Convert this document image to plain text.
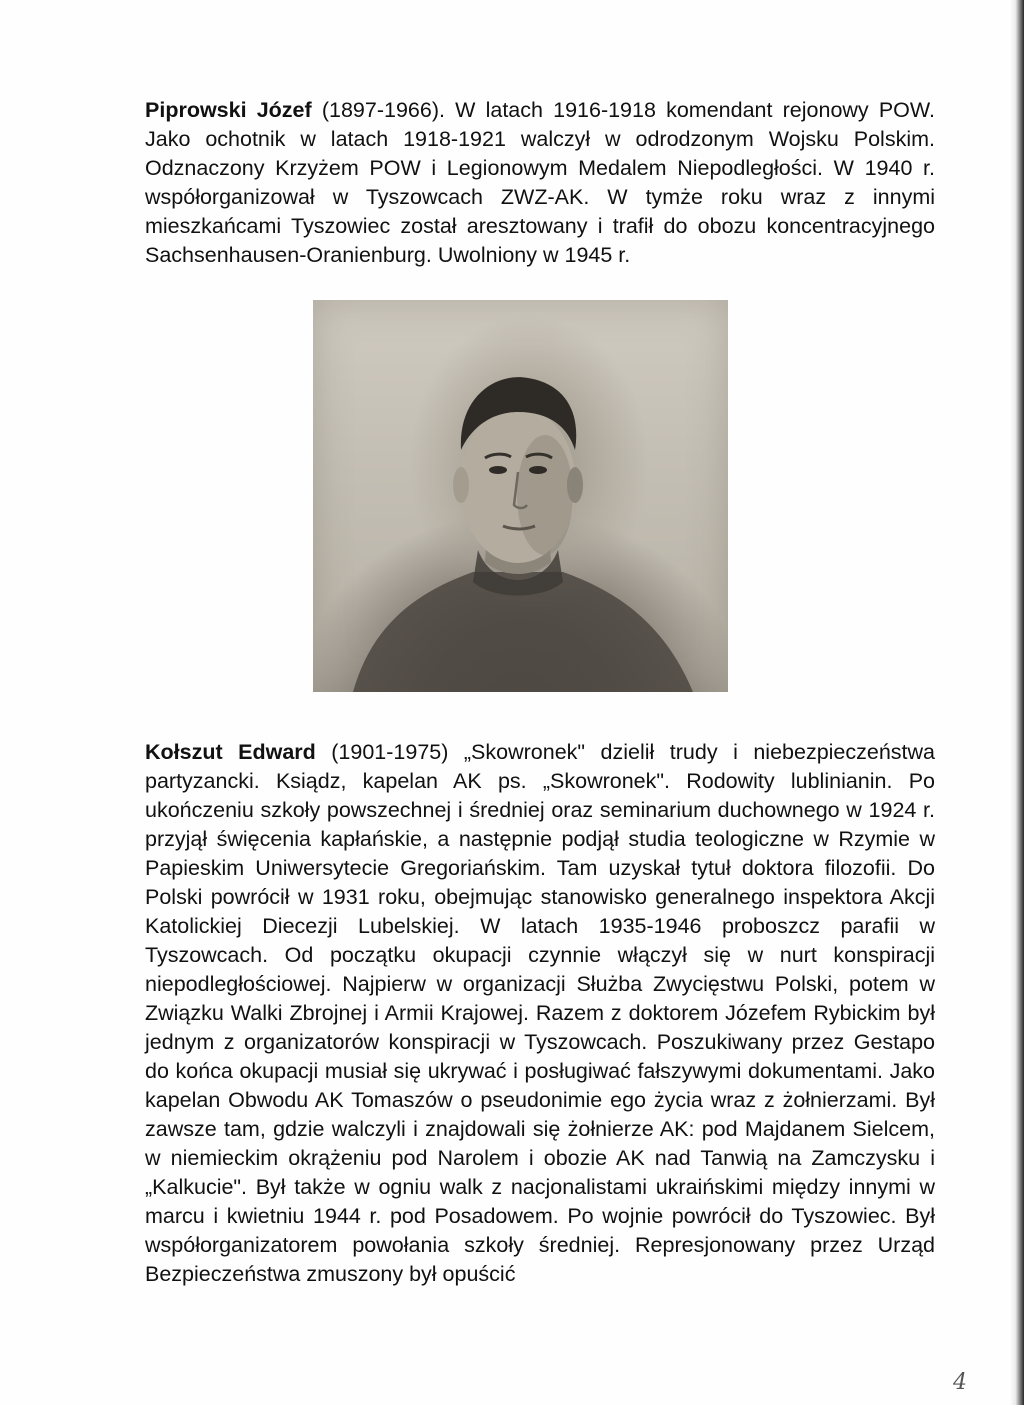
Piprowski Józef (1897-1966). W latach 1916-1918 komendant rejonowy POW. Jako ochotnik w latach 1918-1921 walczył w odrodzonym Wojsku Polskim. Odznaczony Krzyżem POW i Legionowym Medalem Niepodległości. W 1940 r. współorganizował w Tyszowcach ZWZ-AK. W tymże roku wraz z innymi mieszkańcami Tyszowiec został aresztowany i trafił do obozu koncentracyjnego Sachsenhausen-Oranienburg. Uwolniony w 1945 r.

Kołszut Edward (1901-1975) „Skowronek" dzielił trudy i niebezpieczeństwa partyzancki. Ksiądz, kapelan AK ps. „Skowronek". Rodowity lublinianin. Po ukończeniu szkoły powszechnej i średniej oraz seminarium duchownego w 1924 r. przyjął święcenia kapłańskie, a następnie podjął studia teologiczne w Rzymie w Papieskim Uniwersytecie Gregoriańskim. Tam uzyskał tytuł doktora filozofii. Do Polski powrócił w 1931 roku, obejmując stanowisko generalnego inspektora Akcji Katolickiej Diecezji Lubelskiej. W latach 1935-1946 proboszcz parafii w Tyszowcach. Od początku okupacji czynnie włączył się w nurt konspiracji niepodległościowej. Najpierw w organizacji Służba Zwycięstwu Polski, potem w Związku Walki Zbrojnej i Armii Krajowej. Razem z doktorem Józefem Rybickim był jednym z organizatorów konspiracji w Tyszowcach. Poszukiwany przez Gestapo do końca okupacji musiał się ukrywać i posługiwać fałszywymi dokumentami. Jako kapelan Obwodu AK Tomaszów o pseudonimie ego życia wraz z żołnierzami. Był zawsze tam, gdzie walczyli i znajdowali się żołnierze AK: pod Majdanem Sielcem, w niemieckim okrążeniu pod Narolem i obozie AK nad Tanwią na Zamczysku i „Kalkucie". Był także w ogniu walk z nacjonalistami ukraińskimi między innymi w marcu i kwietniu 1944 r. pod Posadowem. Po wojnie powrócił do Tyszowiec. Był współorganizatorem powołania szkoły średniej. Represjonowany przez Urząd Bezpieczeństwa zmuszony był opuścić

4
